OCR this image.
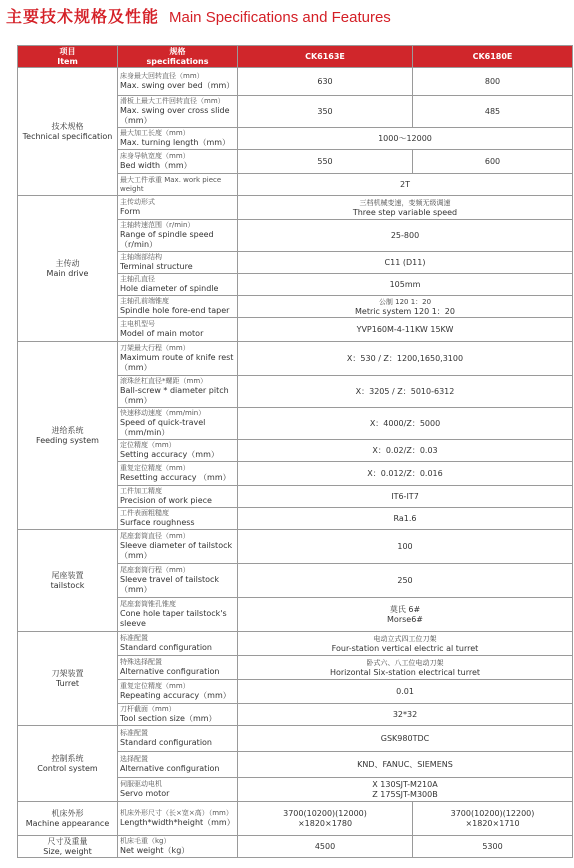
主要技术规格及性能 Main Specifications and Features
项目
Item	规格
specifications	CK6163E	CK6180E

技术规格
Technical specification	床身最大回转直径（mm）
Max. swing over bed（mm）	630	800

	滑板上最大工件回转直径（mm）
Max. swing over cross slide（mm）	350	485

	最大加工长度（mm）
Max. turning length（mm）	1000～12000	

	床身导轨宽度（mm）
Bed width（mm）	550	600

	最大工件承重 Max. work piece weight	2T	

主传动
Main drive	主传动形式
Form	三档机械变速，变频无级调速
Three step variable speed	

	主轴转速范围（r/min）
Range of spindle speed（r/min）	25-800	

	主轴端部结构
Terminal structure	C11 (D11)	

	主轴孔直径
Hole diameter of spindle	105mm	

	主轴孔前端锥度
Spindle hole fore-end taper	公制 120 1：20
Metric system 120 1：20	

	主电机型号
Model of main motor	YVP160M-4-11KW 15KW	

进给系统
Feeding system	刀架最大行程（mm）
Maximum route of knife rest（mm）	X：530 / Z：1200,1650,3100	

	滚珠丝杠直径*螺距（mm）
Ball-screw * diameter pitch（mm）	X：3205 / Z：5010-6312	

	快速移动速度（mm/min）
Speed of quick-travel（mm/min）	X：4000/Z：5000	

	定位精度（mm）
Setting accuracy（mm）	X：0.02/Z：0.03	

	重复定位精度（mm）
Resetting accuracy （mm）	X：0.012/Z：0.016	

	工件加工精度
Precision of work piece	IT6-IT7	

	工件表面粗糙度
Surface roughness	Ra1.6	

尾座装置
tailstock	尾座套筒直径（mm）
Sleeve diameter of tailstock（mm）	100	

	尾座套筒行程（mm）
Sleeve travel of tailstock（mm）	250	

	尾座套筒锥孔锥度
Cone hole taper tailstock's sleeve	莫氏 6#
Morse6#	

刀架装置
Turret	标准配置
Standard configuration	电动立式四工位刀架
Four-station vertical electric al turret	

	特殊选择配置
Alternative configuration	卧式六、八工位电动刀架
Horizontal Six-station electrical turret	

	重复定位精度（mm）
Repeating accuracy（mm）	0.01	

	刀杆截面（mm）
Tool section size（mm）	32*32	

控制系统
Control system	标准配置
Standard configuration	GSK980TDC	

	选择配置
Alternative configuration	KND、FANUC、SIEMENS	

	伺服驱动电机
Servo motor	X 130SJT-M210A
Z 175SJT-M300B	

机床外形
Machine appearance	机床外形尺寸（长×宽×高）（mm）
Length*width*height（mm）	3700(10200)(12000)
×1820×1780	3700(10200)(12200)
×1820×1710

尺寸及重量
Size, weight	机床毛重（kg）
Net weight（kg）	4500	5300
